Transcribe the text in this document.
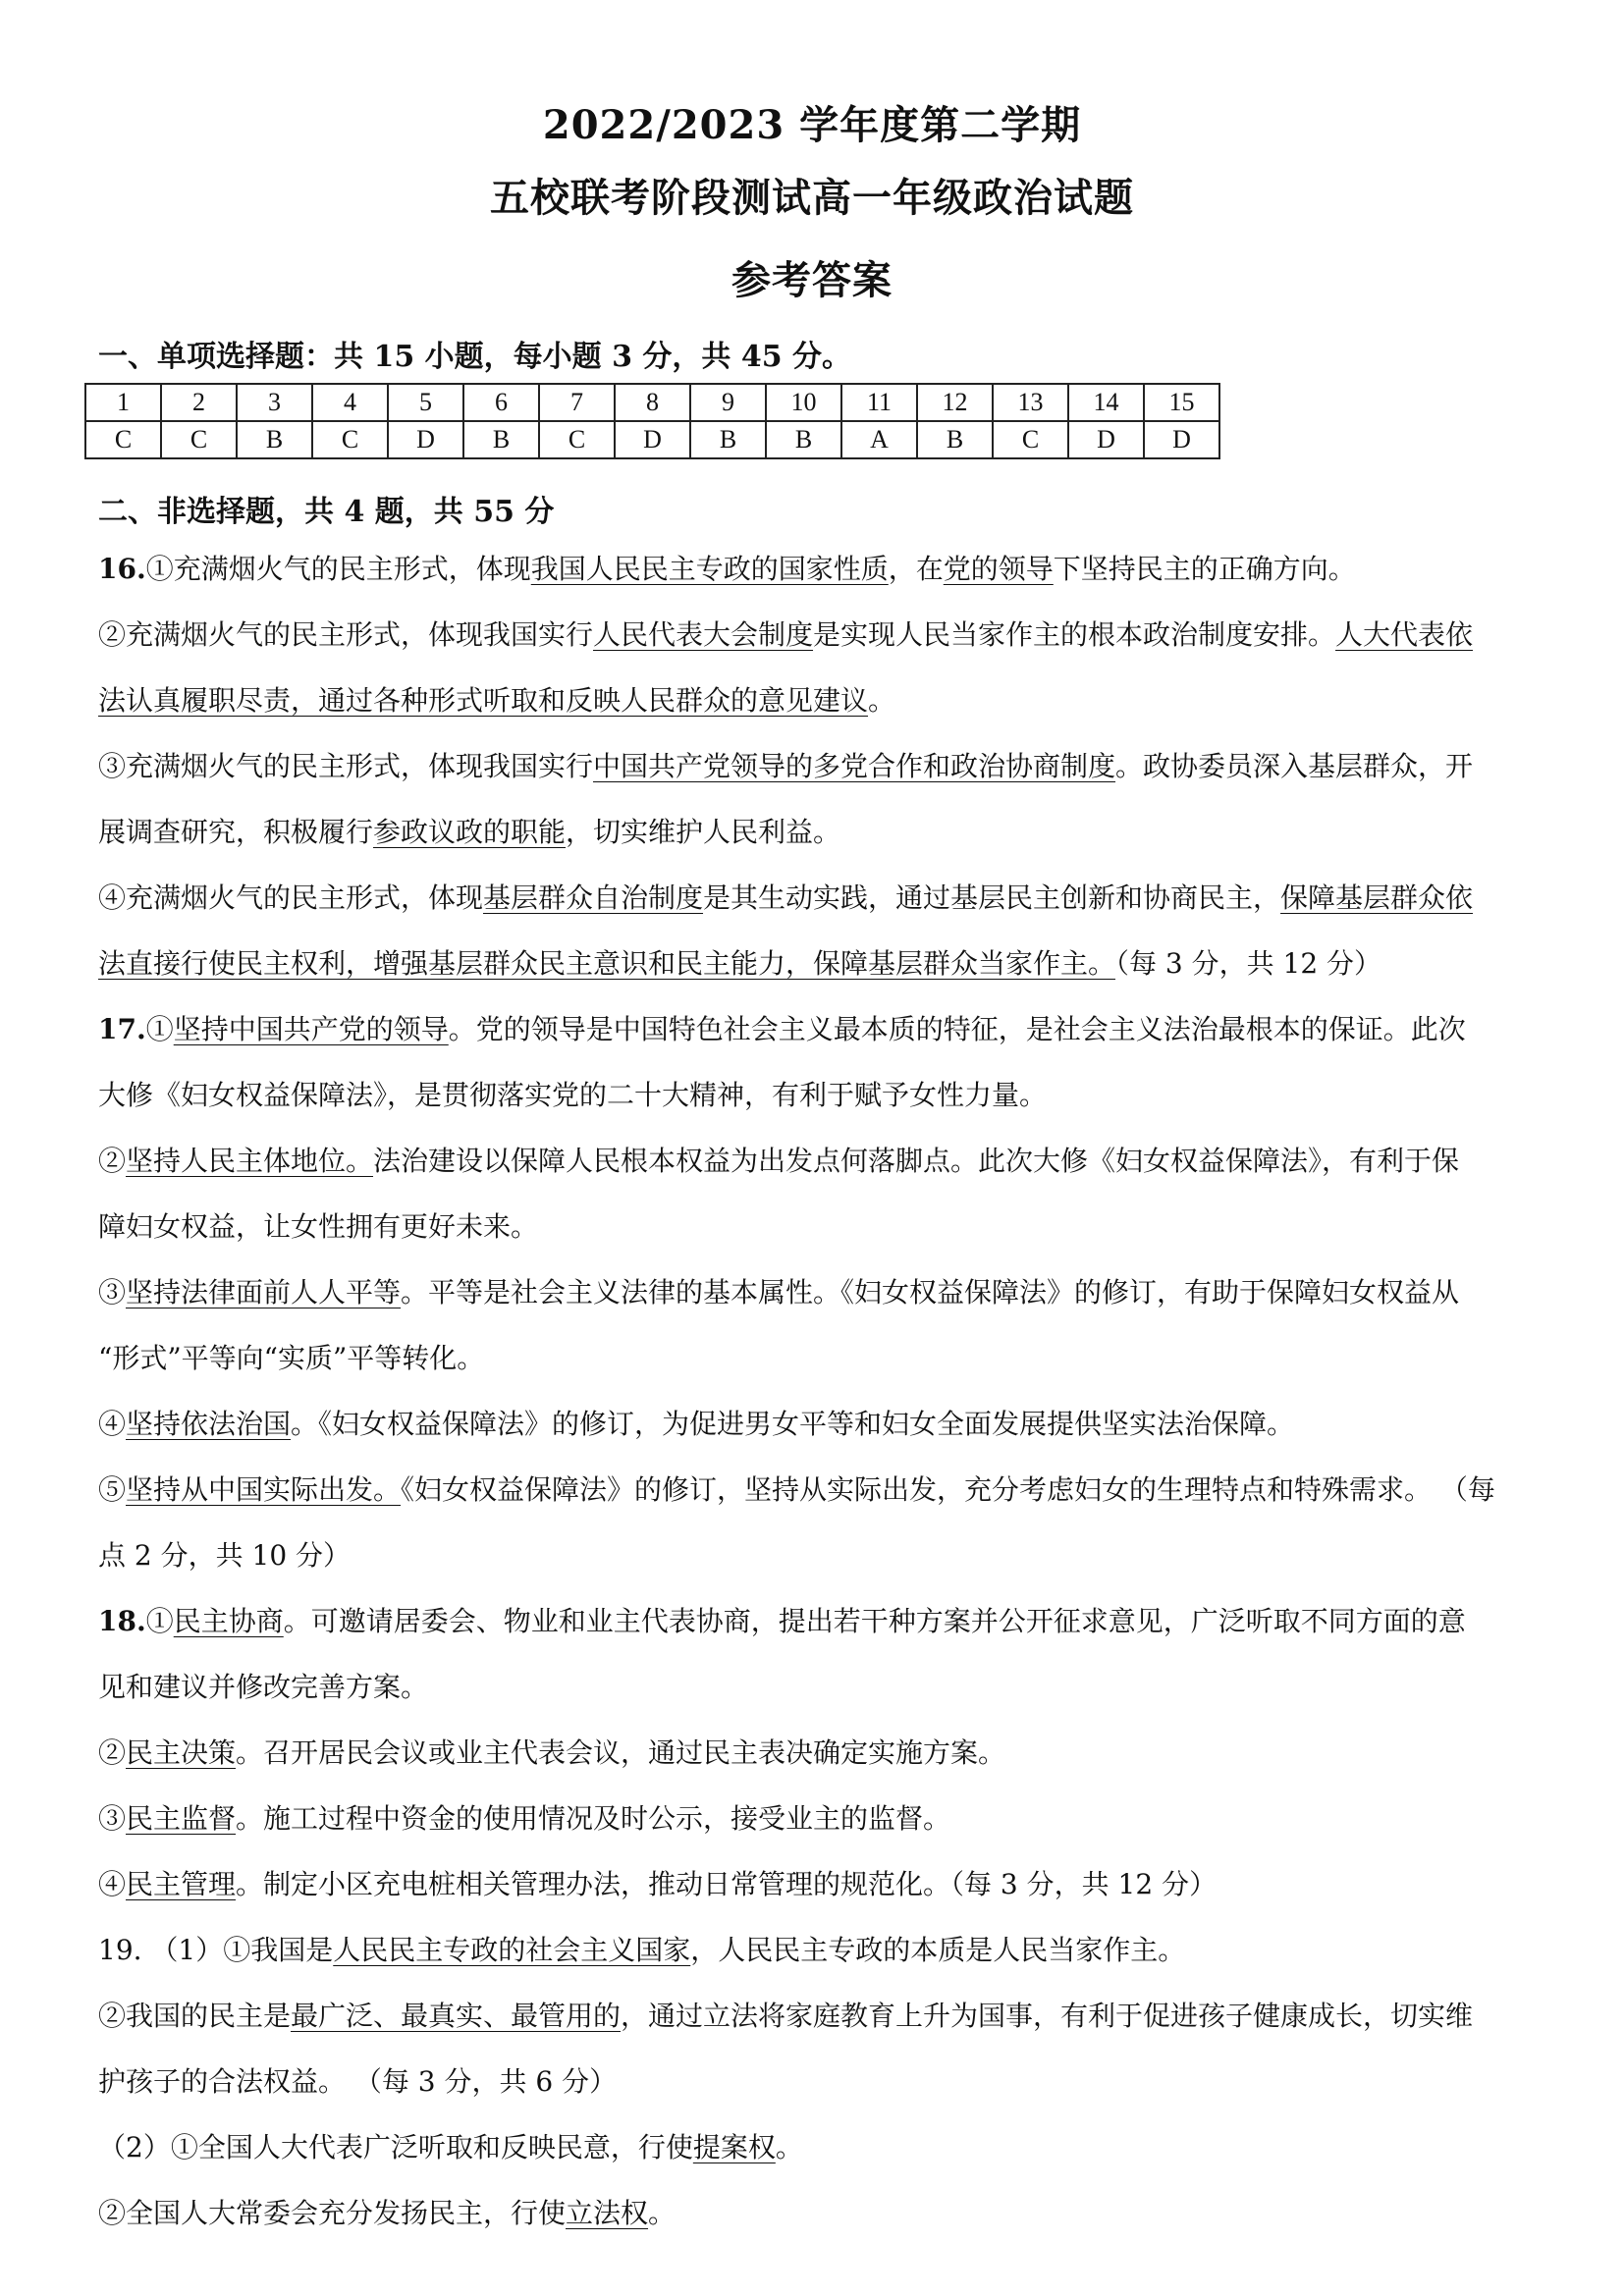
2022/2023 学年度第二学期
五校联考阶段测试高一年级政治试题
参考答案
一、单项选择题：共 15 小题，每小题 3 分，共 45 分。
1	2	3	4	5	6	7	8	9	10	11	12	13	14	15
C	C	B	C	D	B	C	D	B	B	A	B	C	D	D
二、非选择题，共 4 题，共 55 分
16.①充满烟火气的民主形式，体现我国人民民主专政的国家性质，在党的领导下坚持民主的正确方向。
②充满烟火气的民主形式，体现我国实行人民代表大会制度是实现人民当家作主的根本政治制度安排。人大代表依
法认真履职尽责，通过各种形式听取和反映人民群众的意见建议。
③充满烟火气的民主形式，体现我国实行中国共产党领导的多党合作和政治协商制度。政协委员深入基层群众，开
展调查研究，积极履行参政议政的职能，切实维护人民利益。
④充满烟火气的民主形式，体现基层群众自治制度是其生动实践，通过基层民主创新和协商民主，保障基层群众依
法直接行使民主权利，增强基层群众民主意识和民主能力，保障基层群众当家作主。（每 3 分，共 12 分）
17.①坚持中国共产党的领导。党的领导是中国特色社会主义最本质的特征，是社会主义法治最根本的保证。此次
大修《妇女权益保障法》，是贯彻落实党的二十大精神，有利于赋予女性力量。
②坚持人民主体地位。法治建设以保障人民根本权益为出发点何落脚点。此次大修《妇女权益保障法》，有利于保
障妇女权益，让女性拥有更好未来。
③坚持法律面前人人平等。平等是社会主义法律的基本属性。《妇女权益保障法》的修订，有助于保障妇女权益从
“形式”平等向“实质”平等转化。
④坚持依法治国。《妇女权益保障法》的修订，为促进男女平等和妇女全面发展提供坚实法治保障。
⑤坚持从中国实际出发。《妇女权益保障法》的修订，坚持从实际出发，充分考虑妇女的生理特点和特殊需求。 （每
点 2 分，共 10 分）
18.①民主协商。可邀请居委会、物业和业主代表协商，提出若干种方案并公开征求意见，广泛听取不同方面的意
见和建议并修改完善方案。
②民主决策。召开居民会议或业主代表会议，通过民主表决确定实施方案。
③民主监督。施工过程中资金的使用情况及时公示，接受业主的监督。
④民主管理。制定小区充电桩相关管理办法，推动日常管理的规范化。（每 3 分，共 12 分）
19. （1）①我国是人民民主专政的社会主义国家，人民民主专政的本质是人民当家作主。
②我国的民主是最广泛、最真实、最管用的，通过立法将家庭教育上升为国事，有利于促进孩子健康成长，切实维
护孩子的合法权益。 （每 3 分，共 6 分）
（2）①全国人大代表广泛听取和反映民意，行使提案权。
②全国人大常委会充分发扬民主，行使立法权。
